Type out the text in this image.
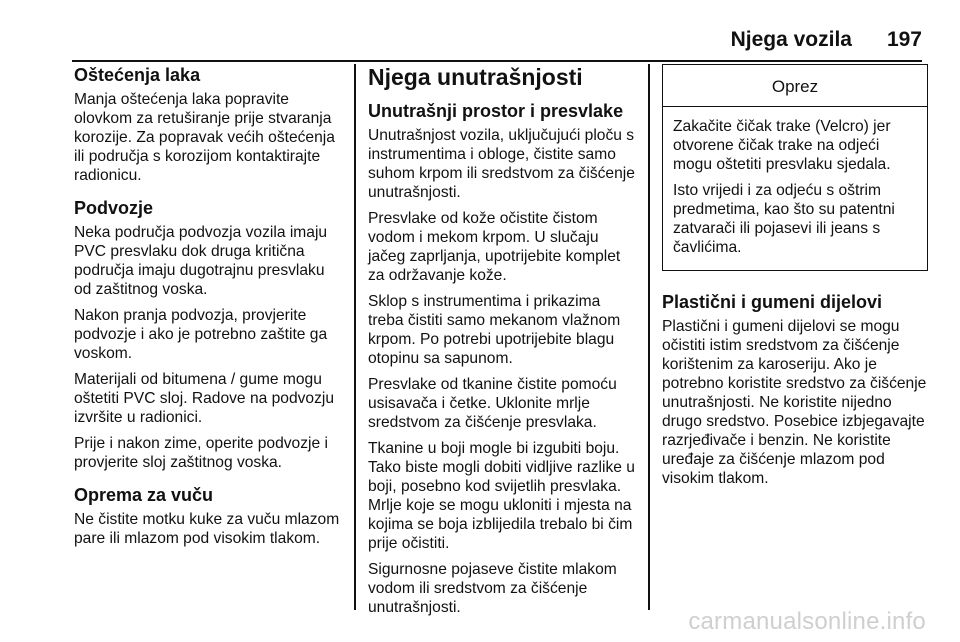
Njega vozila 197
Oštećenja laka

Manja oštećenja laka popravite olovkom za retuširanje prije stvaranja korozije. Za popravak većih oštećenja ili područja s korozijom kontaktirajte radionicu.

Podvozje

Neka područja podvozja vozila imaju PVC presvlaku dok druga kritična područja imaju dugotrajnu presvlaku od zaštitnog voska.

Nakon pranja podvozja, provjerite podvozje i ako je potrebno zaštite ga voskom.

Materijali od bitumena / gume mogu oštetiti PVC sloj. Radove na podvozju izvršite u radionici.

Prije i nakon zime, operite podvozje i provjerite sloj zaštitnog voska.

Oprema za vuču

Ne čistite motku kuke za vuču mlazom pare ili mlazom pod visokim tlakom.

Njega unutrašnjosti
Unutrašnji prostor i presvlake

Unutrašnjost vozila, uključujući ploču s instrumentima i obloge, čistite samo suhom krpom ili sredstvom za čišćenje unutrašnjosti.

Presvlake od kože očistite čistom vodom i mekom krpom. U slučaju jačeg zaprljanja, upotrijebite komplet za održavanje kože.

Sklop s instrumentima i prikazima treba čistiti samo mekanom vlažnom krpom. Po potrebi upotrijebite blagu otopinu sa sapunom.

Presvlake od tkanine čistite pomoću usisavača i četke. Uklonite mrlje sredstvom za čišćenje presvlaka.

Tkanine u boji mogle bi izgubiti boju. Tako biste mogli dobiti vidljive razlike u boji, posebno kod svijetlih presvlaka. Mrlje koje se mogu ukloniti i mjesta na kojima se boja izblijedila trebalo bi čim prije očistiti.

Sigurnosne pojaseve čistite mlakom vodom ili sredstvom za čišćenje unutrašnjosti.

Oprez

Zakačite čičak trake (Velcro) jer otvorene čičak trake na odjeći mogu oštetiti presvlaku sjedala.

Isto vrijedi i za odjeću s oštrim predmetima, kao što su patentni zatvarači ili pojasevi ili jeans s čavlićima.

Plastični i gumeni dijelovi

Plastični i gumeni dijelovi se mogu očistiti istim sredstvom za čišćenje korištenim za karoseriju. Ako je potrebno koristite sredstvo za čišćenje unutrašnjosti. Ne koristite nijedno drugo sredstvo. Posebice izbjegavajte razrjeđivače i benzin. Ne koristite uređaje za čišćenje mlazom pod visokim tlakom.

carmanualsonline.info
